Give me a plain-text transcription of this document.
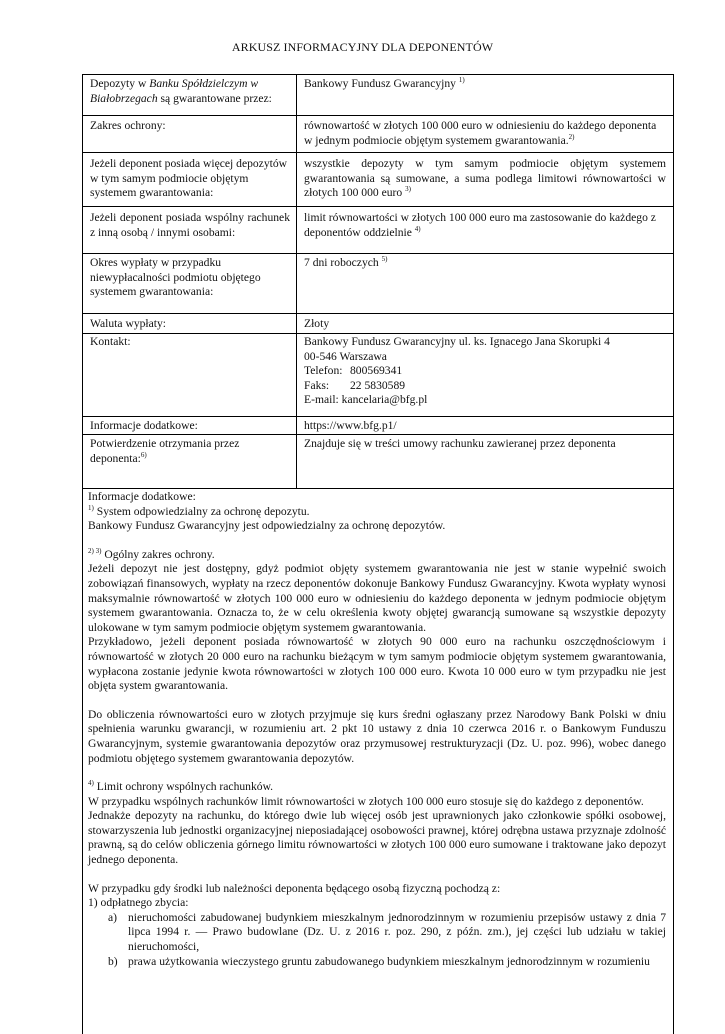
ARKUSZ INFORMACYJNY DLA DEPONENTÓW
Depozyty w Banku Spółdzielczym w Białobrzegach są gwarantowane przez:
Bankowy Fundusz Gwarancyjny $^{1)}$
Zakres ochrony:	równowartość w złotych 100 000 euro w odniesieniu do każdego deponenta w jednym podmiocie objętym systemem gwarantowania.$^{2)}$
Jeżeli deponent posiada więcej depozytów w tym samym podmiocie objętym systemem gwarantowania:
wszystkie depozyty w tym samym podmiocie objętym systemem gwarantowania są sumowane, a suma podlega limitowi równowartości w złotych 100 000 euro $^{3)}$
Jeżeli deponent posiada wspólny rachunek z inną osobą / innymi osobami:
limit równowartości w złotych 100 000 euro ma zastosowanie do każdego z deponentów oddzielnie $^{4)}$
Okres wypłaty w przypadku niewypłacalności podmiotu objętego systemem gwarantowania:
7 dni roboczych $^{5)}$
Waluta wypłaty:	Złoty
Kontakt:	Bankowy Fundusz Gwarancyjny ul. ks. Ignacego Jana Skorupki 4
00-546 Warszawa
Telefon: 800569341
Faks: 22 5830589
E-mail: kancelaria@bfg.pl
Informacje dodatkowe:	https://www.bfg.p1/
Potwierdzenie otrzymania przez deponenta:$^{6)}$
Znajduje się w treści umowy rachunku zawieranej przez deponenta

Informacje dodatkowe:

$^{1)}$ System odpowiedzialny za ochronę depozytu.

Bankowy Fundusz Gwarancyjny jest odpowiedzialny za ochronę depozytów.

$^{2) 3)}$ Ogólny zakres ochrony.

Jeżeli depozyt nie jest dostępny, gdyż podmiot objęty systemem gwarantowania nie jest w stanie wypełnić swoich zobowiązań finansowych, wypłaty na rzecz deponentów dokonuje Bankowy Fundusz Gwarancyjny. Kwota wypłaty wynosi maksymalnie równowartość w złotych 100 000 euro w odniesieniu do każdego deponenta w jednym podmiocie objętym systemem gwarantowania. Oznacza to, że w celu określenia kwoty objętej gwarancją sumowane są wszystkie depozyty ulokowane w tym samym podmiocie objętym systemem gwarantowania.

Przykładowo, jeżeli deponent posiada równowartość w złotych 90 000 euro na rachunku oszczędnościowym i równowartość w złotych 20 000 euro na rachunku bieżącym w tym samym podmiocie objętym systemem gwarantowania, wypłacona zostanie jedynie kwota równowartości w złotych 100 000 euro. Kwota 10 000 euro w tym przypadku nie jest objęta system gwarantowania.

Do obliczenia równowartości euro w złotych przyjmuje się kurs średni ogłaszany przez Narodowy Bank Polski w dniu spełnienia warunku gwarancji, w rozumieniu art. 2 pkt 10 ustawy z dnia 10 czerwca 2016 r. o Bankowym Funduszu Gwarancyjnym, systemie gwarantowania depozytów oraz przymusowej restrukturyzacji (Dz. U. poz. 996), wobec danego podmiotu objętego systemem gwarantowania depozytów.

$^{4)}$ Limit ochrony wspólnych rachunków.

W przypadku wspólnych rachunków limit równowartości w złotych 100 000 euro stosuje się do każdego z deponentów.

Jednakże depozyty na rachunku, do którego dwie lub więcej osób jest uprawnionych jako członkowie spółki osobowej, stowarzyszenia lub jednostki organizacyjnej nieposiadającej osobowości prawnej, której odrębna ustawa przyznaje zdolność prawną, są do celów obliczenia górnego limitu równowartości w złotych 100 000 euro sumowane i traktowane jako depozyt jednego deponenta.

W przypadku gdy środki lub należności deponenta będącego osobą fizyczną pochodzą z:

1) odpłatnego zbycia:

a) nieruchomości zabudowanej budynkiem mieszkalnym jednorodzinnym w rozumieniu przepisów ustawy z dnia 7 lipca 1994 r. — Prawo budowlane (Dz. U. z 2016 r. poz. 290, z późn. zm.), jej części lub udziału w takiej nieruchomości,
b) prawa użytkowania wieczystego gruntu zabudowanego budynkiem mieszkalnym jednorodzinnym w rozumieniu
